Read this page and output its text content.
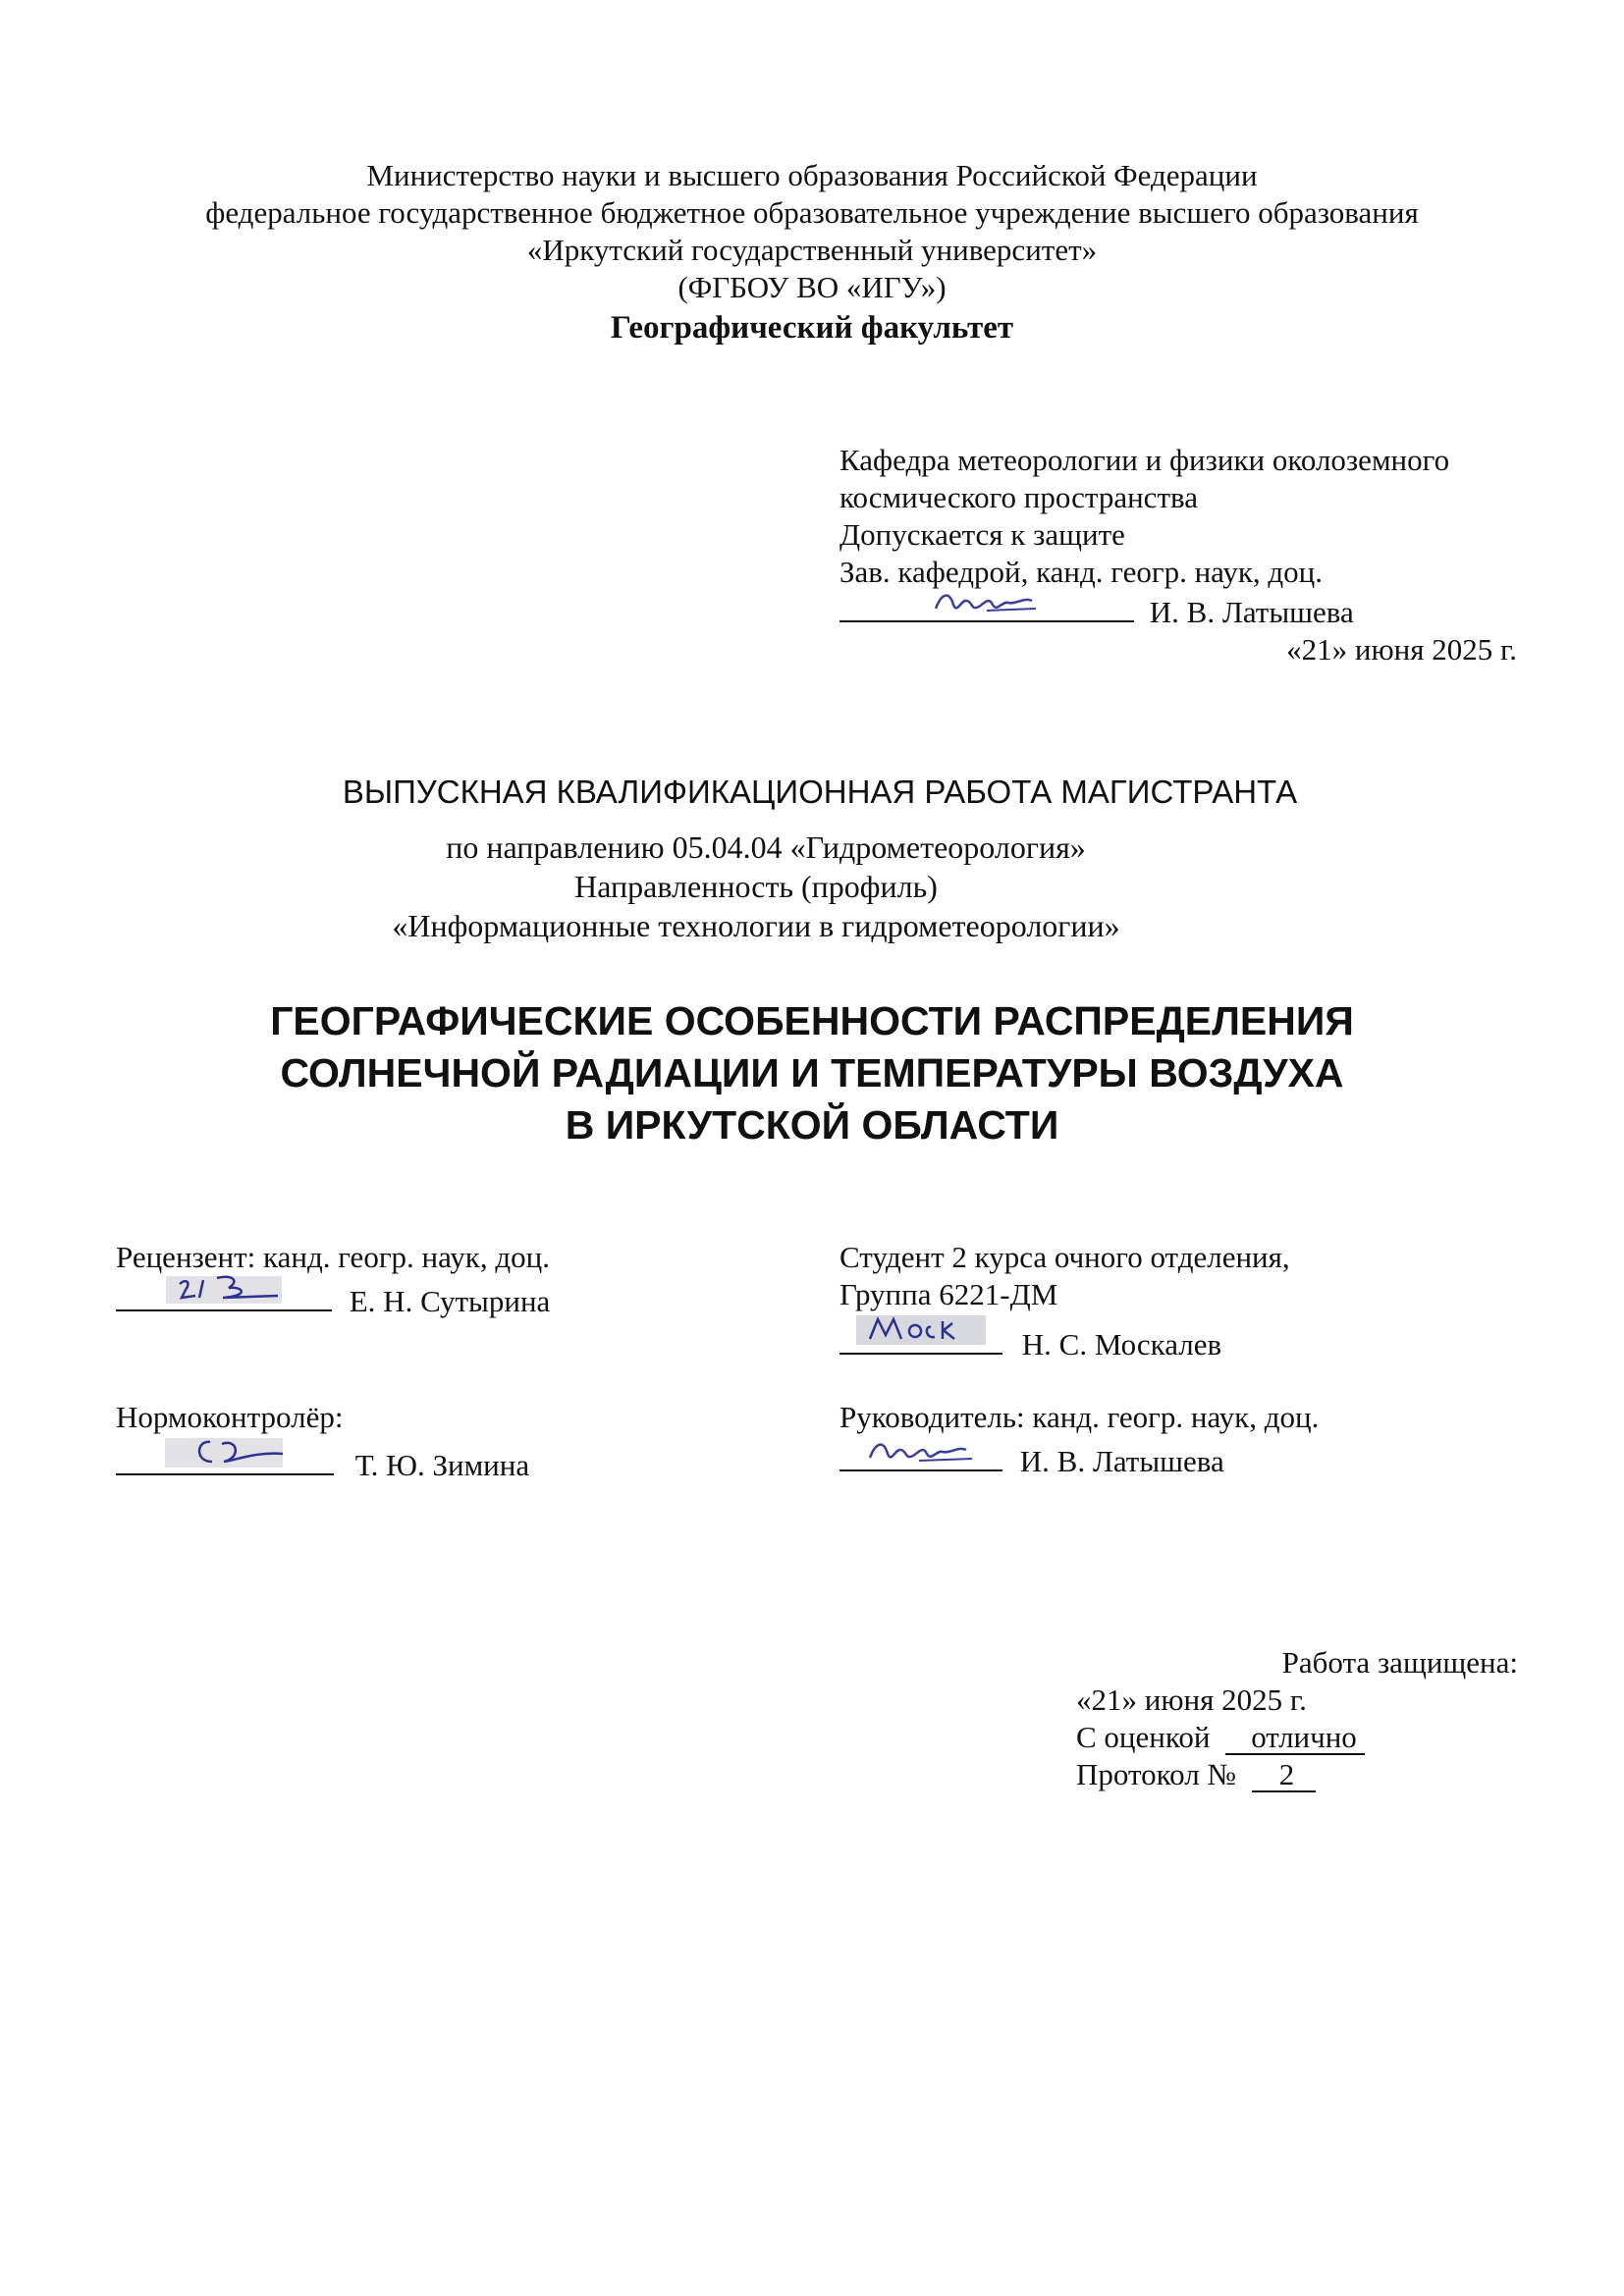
Министерство науки и высшего образования Российской Федерации
федеральное государственное бюджетное образовательное учреждение высшего образования
«Иркутский государственный университет»
(ФГБОУ ВО «ИГУ»)
Географический факультет
Кафедра метеорологии и физики околоземного
космического пространства
Допускается к защите
Зав. кафедрой, канд. геогр. наук, доц.
И. В. Латышева
«21» июня 2025 г.
ВЫПУСКНАЯ КВАЛИФИКАЦИОННАЯ РАБОТА МАГИСТРАНТА
по направлению 05.04.04 «Гидрометеорология»
Направленность (профиль)
«Информационные технологии в гидрометеорологии»
ГЕОГРАФИЧЕСКИЕ ОСОБЕННОСТИ РАСПРЕДЕЛЕНИЯ
СОЛНЕЧНОЙ РАДИАЦИИ И ТЕМПЕРАТУРЫ ВОЗДУХА
В ИРКУТСКОЙ ОБЛАСТИ
Рецензент: канд. геогр. наук, доц.
Е. Н. Сутырина
Нормоконтролёр:
Т. Ю. Зимина
Студент 2 курса очного отделения,
Группа 6221-ДМ
Н. С. Москалев
Руководитель: канд. геогр. наук, доц.
И. В. Латышева
Работа защищена:
«21» июня 2025 г.
С оценкой отлично
Протокол № 2
